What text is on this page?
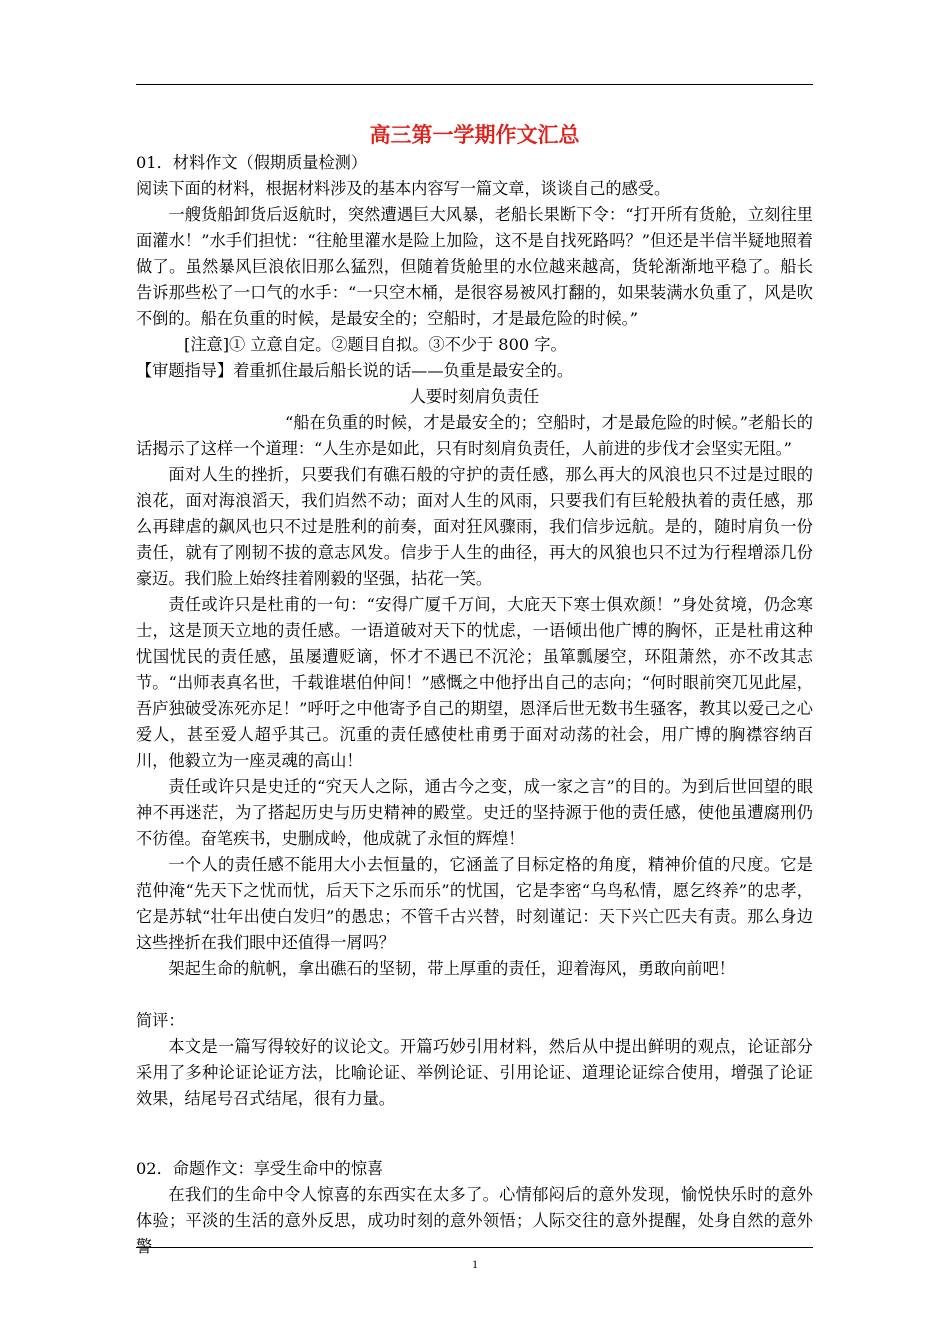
高三第一学期作文汇总

01．材料作文（假期质量检测）

阅读下面的材料，根据材料涉及的基本内容写一篇文章，谈谈自己的感受。

一艘货船卸货后返航时，突然遭遇巨大风暴，老船长果断下令：“打开所有货舱，立刻往里面灌水！”水手们担忧：“往舱里灌水是险上加险，这不是自找死路吗？”但还是半信半疑地照着做了。虽然暴风巨浪依旧那么猛烈，但随着货舱里的水位越来越高，货轮渐渐地平稳了。船长告诉那些松了一口气的水手：“一只空木桶，是很容易被风打翻的，如果装满水负重了，风是吹不倒的。船在负重的时候，是最安全的；空船时，才是最危险的时候。”

[注意]① 立意自定。②题目自拟。③不少于 800 字。

【审题指导】着重抓住最后船长说的话——负重是最安全的。

人要时刻肩负责任

“船在负重的时候，才是最安全的；空船时，才是最危险的时候。”老船长的话揭示了这样一个道理：“人生亦是如此，只有时刻肩负责任，人前进的步伐才会坚实无阻。”

面对人生的挫折，只要我们有礁石般的守护的责任感，那么再大的风浪也只不过是过眼的浪花，面对海浪滔天，我们岿然不动；面对人生的风雨，只要我们有巨轮般执着的责任感，那么再肆虐的飙风也只不过是胜利的前奏，面对狂风骤雨，我们信步远航。是的，随时肩负一份责任，就有了刚韧不拔的意志风发。信步于人生的曲径，再大的风狼也只不过为行程增添几份豪迈。我们脸上始终挂着刚毅的坚强，拈花一笑。

责任或许只是杜甫的一句：“安得广厦千万间，大庇天下寒士俱欢颜！”身处贫境，仍念寒士，这是顶天立地的责任感。一语道破对天下的忧虑，一语倾出他广博的胸怀，正是杜甫这种忧国忧民的责任感，虽屡遭贬谪，怀才不遇已不沉沦；虽箪瓢屡空，环阻萧然，亦不改其志节。“出师表真名世，千载谁堪伯仲间！”感慨之中他抒出自己的志向；“何时眼前突兀见此屋，吾庐独破受冻死亦足！”呼吁之中他寄予自己的期望，恩泽后世无数书生骚客，教其以爱己之心爱人，甚至爱人超乎其己。沉重的责任感使杜甫勇于面对动荡的社会，用广博的胸襟容纳百川，他毅立为一座灵魂的高山！

责任或许只是史迁的“究天人之际，通古今之变，成一家之言”的目的。为到后世回望的眼神不再迷茫，为了搭起历史与历史精神的殿堂。史迁的坚持源于他的责任感，使他虽遭腐刑仍不彷徨。奋笔疾书，史删成岭，他成就了永恒的辉煌！

一个人的责任感不能用大小去恒量的，它涵盖了目标定格的角度，精神价值的尺度。它是范仲淹“先天下之忧而忧，后天下之乐而乐”的忧国，它是李密“乌鸟私情，愿乞终养”的忠孝，它是苏轼“壮年出使白发归”的愚忠；不管千古兴替，时刻谨记：天下兴亡匹夫有责。那么身边这些挫折在我们眼中还值得一屑吗？

架起生命的航帆，拿出礁石的坚韧，带上厚重的责任，迎着海风，勇敢向前吧！

简评：

本文是一篇写得较好的议论文。开篇巧妙引用材料，然后从中提出鲜明的观点，论证部分采用了多种论证论证方法，比喻论证、举例论证、引用论证、道理论证综合使用，增强了论证效果，结尾号召式结尾，很有力量。

02．命题作文：享受生命中的惊喜

在我们的生命中令人惊喜的东西实在太多了。心情郁闷后的意外发现，愉悦快乐时的意外体验；平淡的生活的意外反思，成功时刻的意外领悟；人际交往的意外提醒，处身自然的意外警

1
